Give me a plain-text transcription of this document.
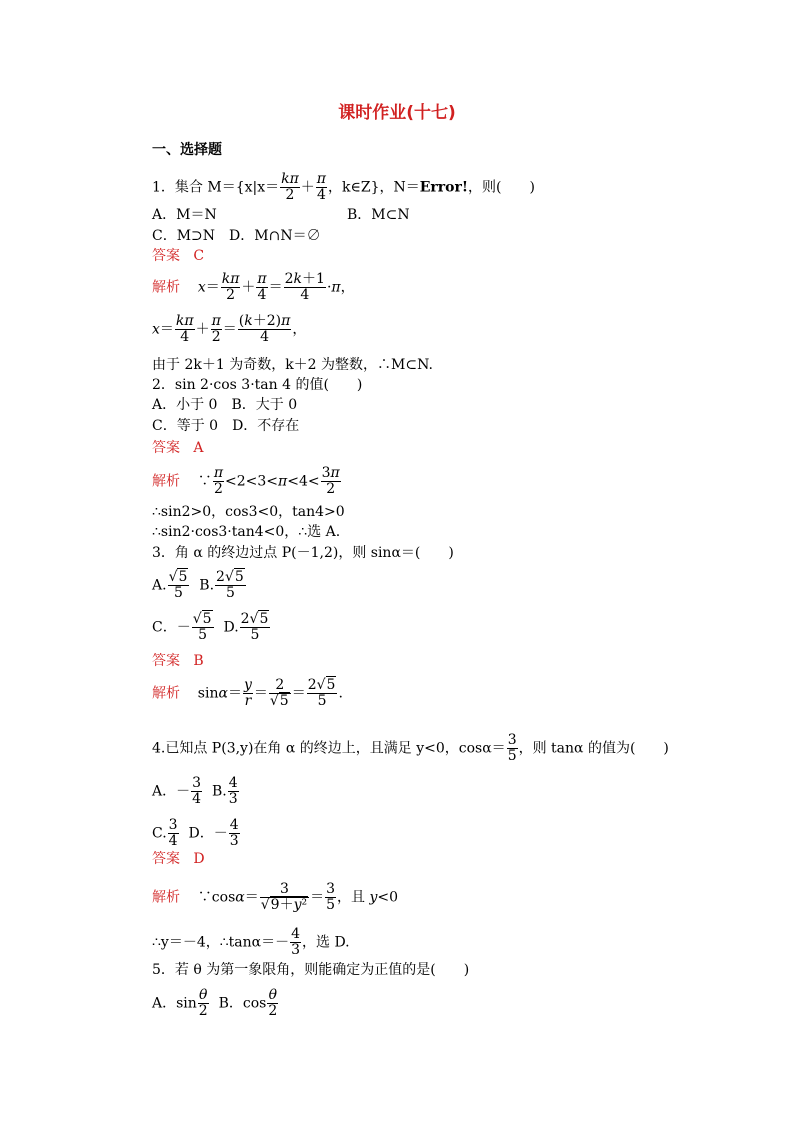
课时作业(十七)
一、选择题
1．集合 $M=\{x|x= \frac{k\pi}{2} + \frac{\pi}{4}$ ，k∈Z}，N＝Error!，则(　　)
A．M＝N	B．M⊂N
C．M⊃N　D．M∩N＝∅
答案 C
解析 $x= \frac{k\pi}{2} + \frac{\pi}{4} = \frac{2k+1}{4} \cdot\pi$，
$x= \frac{k\pi}{4} + \frac{\pi}{2} = \frac{(k+2)\pi}{4}$ ，
由于 2k＋1 为奇数，k＋2 为整数，∴M⊂N.
2．sin 2·cos 3·tan 4 的值(　　)
A．小于 0　B．大于 0
C．等于 0　D．不存在
答案 A
解析    ∵ $\frac{\pi}{2} <2<3<\pi<4< \frac{3\pi}{2}$
∴sin2>0，cos3<0，tan4>0
∴sin2·cos3·tan4<0，∴选 A.
3．角 α 的终边过点 P(－1,2)，则 sinα＝(　　)
A. $\frac{√5}{5} B$. $\frac{2√5}{5}$
C．－ $\frac{√5}{5} D$. $\frac{2√5}{5}$
答案 B
解析    $\sin\alpha= \frac{y}{r} = \frac{2}{√5} = \frac{2√5}{5}$ .
4.已知点 P(3,y)在角 α 的终边上，且满足 y<0，$\cos\alpha= \frac{3}{5}$ ，则 tanα 的值为(　　)
A．－ $\frac{3}{4} B$. $\frac{4}{3}$
C. $\frac{3}{4}$ D．－ $\frac{4}{3}$
答案 D
解析    ∵cosα＝ $\frac{3}{\text{√9＋y²}} = \frac{3}{5}$ ，且 y<0
∴y＝－4，∴tanα＝－ $\frac{4}{3}$ ，选 D.
5．若 θ 为第一象限角，则能确定为正值的是(　　)
A．$\sin \frac{\theta}{2}$ B．$\cos \frac{\theta}{2}$
